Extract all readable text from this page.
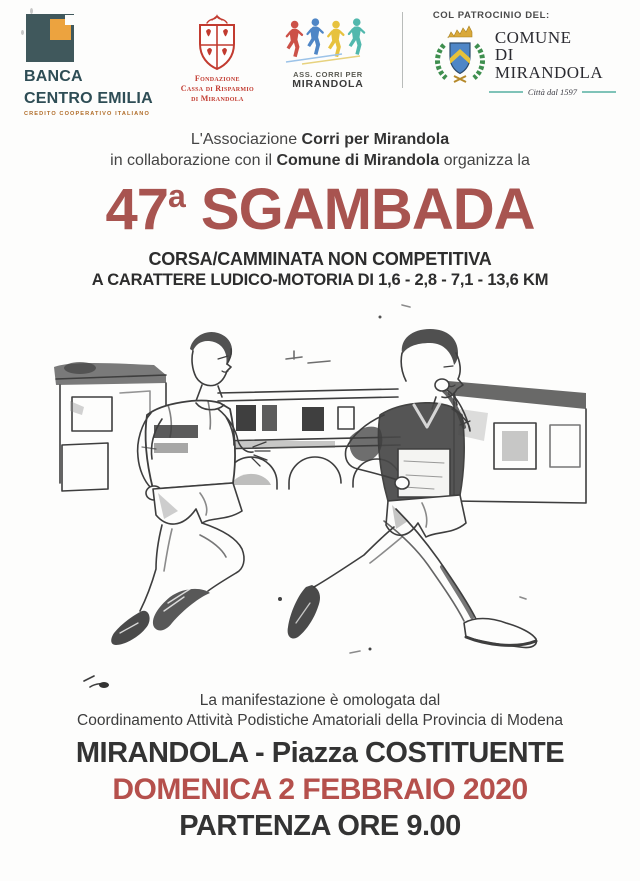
BANCA
CENTRO EMILIA
CREDITO COOPERATIVO ITALIANO
Fondazione
Cassa di Risparmio
di Mirandola
ASS. CORRI PER
MIRANDOLA
COL PATROCINIO DEL:
COMUNE
DI
MIRANDOLA
Città dal 1597
L'Associazione Corri per Mirandola
in collaborazione con il Comune di Mirandola organizza la
47$^a$ SGAMBADA
CORSA/CAMMINATA NON COMPETITIVA
A CARATTERE LUDICO-MOTORIA DI 1,6 - 2,8 - 7,1 - 13,6 KM
La manifestazione è omologata dal
Coordinamento Attività Podistiche Amatoriali della Provincia di Modena
MIRANDOLA - Piazza COSTITUENTE
DOMENICA 2 FEBBRAIO 2020
PARTENZA ORE 9.00
